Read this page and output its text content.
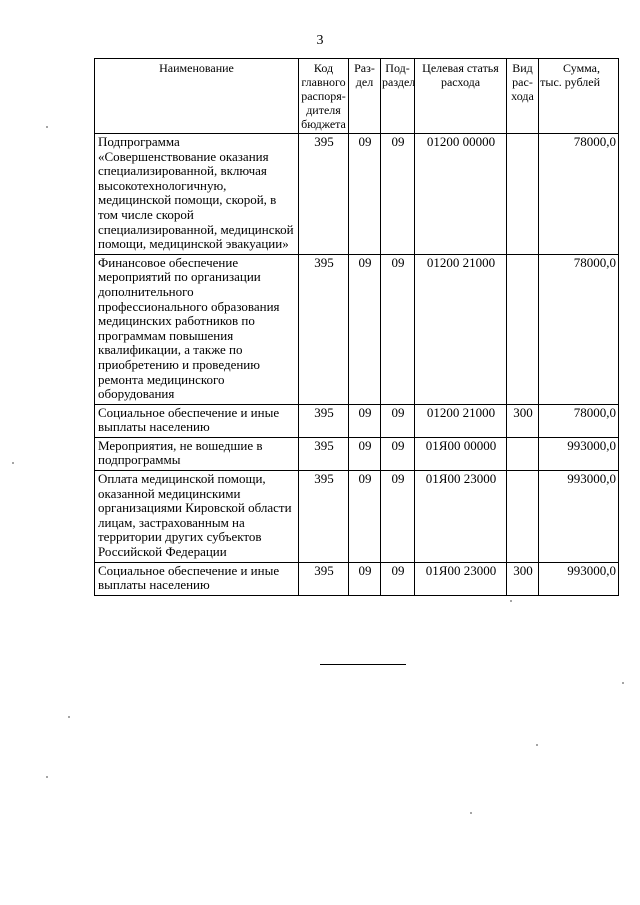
3
Наименование	Код главного распоря-дителя бюджета	Раз-дел	Под-раздел	Целевая статья расхода	Вид рас-хода	Сумма, тыс. рублей
Подпрограмма «Совершенствование оказания специализированной, включая высокотехнологичную, медицинской помощи, скорой, в том числе скорой специализированной, медицинской помощи, медицинской эвакуации»	395	09	09	01200 00000		78000,0
Финансовое обеспечение мероприятий по организации дополнительного профессионального образования медицинских работников по программам повышения квалификации, а также по приобретению и проведению ремонта медицинского оборудования	395	09	09	01200 21000		78000,0
Социальное обеспечение и иные выплаты населению	395	09	09	01200 21000	300	78000,0
Мероприятия, не вошедшие в подпрограммы	395	09	09	01Я00 00000		993000,0
Оплата медицинской помощи, оказанной медицинскими организациями Кировской области лицам, застрахованным на территории других субъектов Российской Федерации	395	09	09	01Я00 23000		993000,0
Социальное обеспечение и иные выплаты населению	395	09	09	01Я00 23000	300	993000,0
